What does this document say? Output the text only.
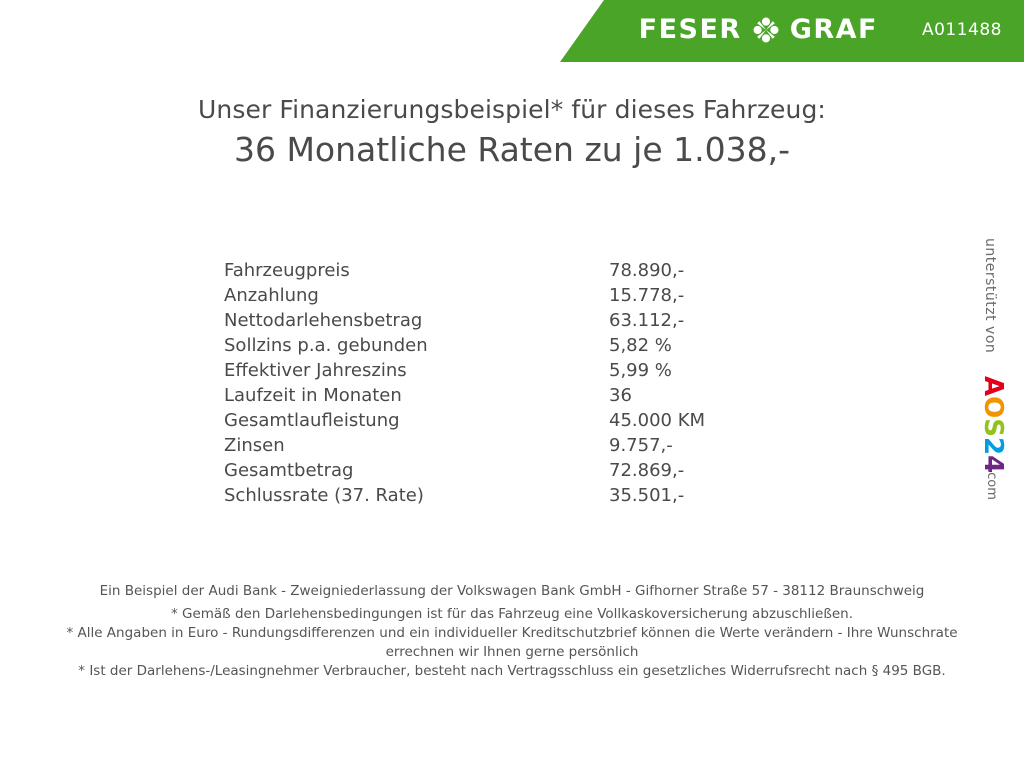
FESER GRAF	A011488
Unser Finanzierungsbeispiel* für dieses Fahrzeug:
36 Monatliche Raten zu je 1.038,-
Fahrzeugpreis	78.890,-
Anzahlung	15.778,-
Nettodarlehensbetrag	63.112,-
Sollzins p.a. gebunden	5,82 %
Effektiver Jahreszins	5,99 %
Laufzeit in Monaten	36
Gesamtlaufleistung	45.000 KM
Zinsen	9.757,-
Gesamtbetrag	72.869,-
Schlussrate (37. Rate)	35.501,-
unterstützt von
AOS24
.com

Ein Beispiel der Audi Bank - Zweigniederlassung der Volkswagen Bank GmbH - Gifhorner Straße 57 - 38112 Braunschweig

* Gemäß den Darlehensbedingungen ist für das Fahrzeug eine Vollkaskoversicherung abzuschließen.

* Alle Angaben in Euro - Rundungsdifferenzen und ein individueller Kreditschutzbrief können die Werte verändern - Ihre Wunschrate errechnen wir Ihnen gerne persönlich

* Ist der Darlehens-/Leasingnehmer Verbraucher, besteht nach Vertragsschluss ein gesetzliches Widerrufsrecht nach § 495 BGB.
